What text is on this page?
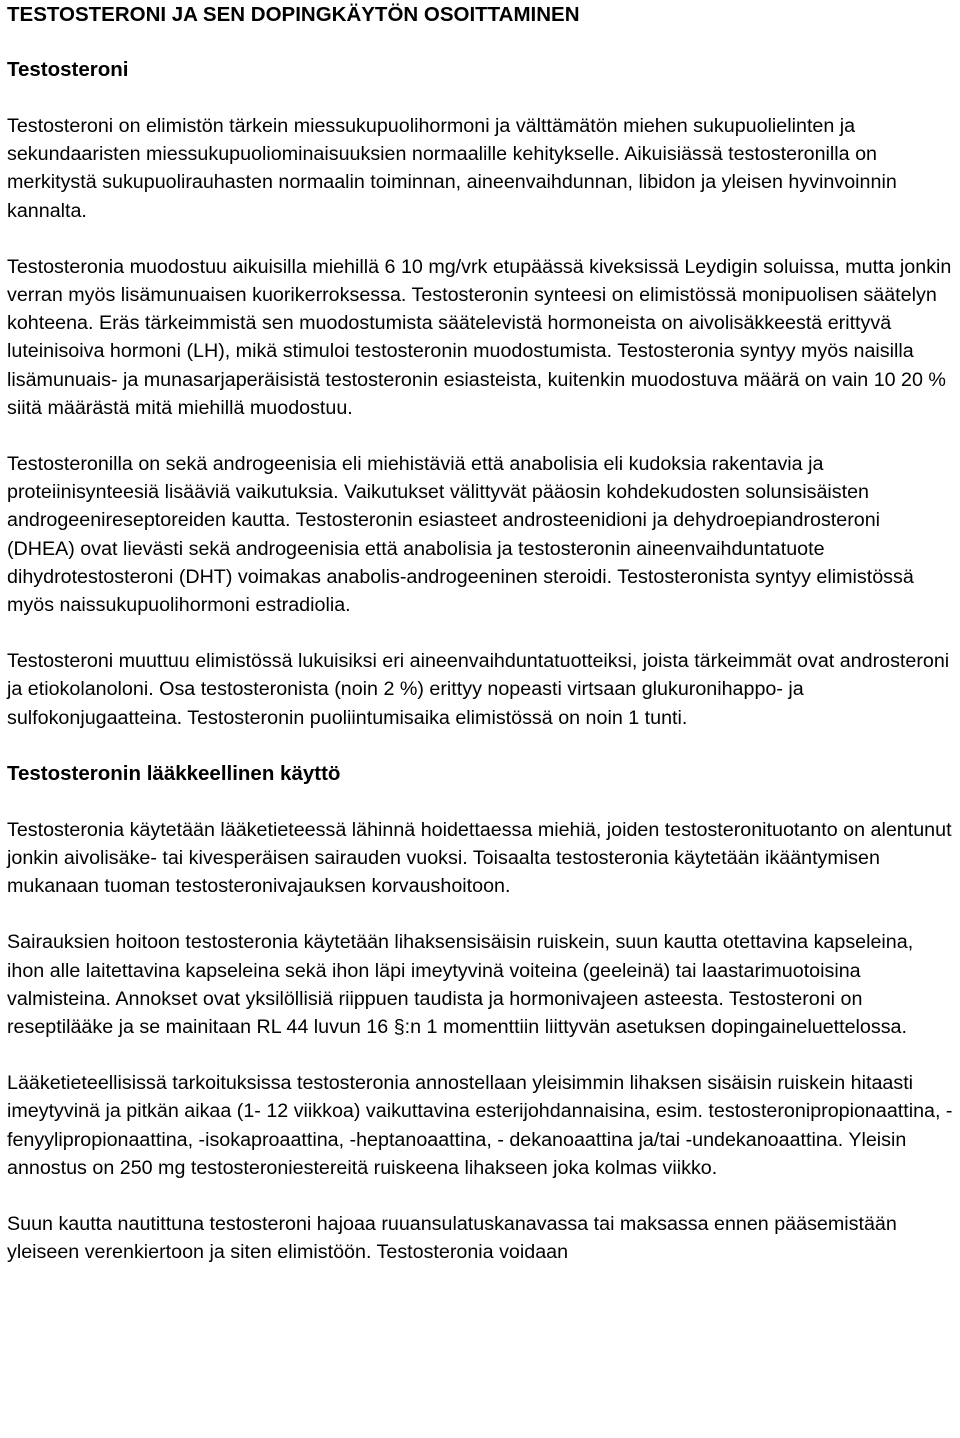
TESTOSTERONI JA SEN DOPINGKÄYTÖN OSOITTAMINEN
Testosteroni

Testosteroni on elimistön tärkein miessukupuolihormoni ja välttämätön miehen sukupuolielinten ja sekundaaristen miessukupuoliominaisuuksien normaalille kehitykselle. Aikuisiässä testosteronilla on merkitystä sukupuolirauhasten normaalin toiminnan, aineenvaihdunnan, libidon ja yleisen hyvinvoinnin kannalta.

Testosteronia muodostuu aikuisilla miehillä 6 10 mg/vrk etupäässä kiveksissä Leydigin soluissa, mutta jonkin verran myös lisämunuaisen kuorikerroksessa. Testosteronin synteesi on elimistössä monipuolisen säätelyn kohteena. Eräs tärkeimmistä sen muodostumista säätelevistä hormoneista on aivolisäkkeestä erittyvä luteinisoiva hormoni (LH), mikä stimuloi testosteronin muodostumista. Testosteronia syntyy myös naisilla lisämunuais- ja munasarjaperäisistä testosteronin esiasteista, kuitenkin muodostuva määrä on vain 10 20 % siitä määrästä mitä miehillä muodostuu.

Testosteronilla on sekä androgeenisia eli miehistäviä että anabolisia eli kudoksia rakentavia ja proteiinisynteesiä lisääviä vaikutuksia. Vaikutukset välittyvät pääosin kohdekudosten solunsisäisten androgeenireseptoreiden kautta. Testosteronin esiasteet androsteenidioni ja dehydroepiandrosteroni (DHEA) ovat lievästi sekä androgeenisia että anabolisia ja testosteronin aineenvaihduntatuote dihydrotestosteroni (DHT) voimakas anabolis-androgeeninen steroidi. Testosteronista syntyy elimistössä myös naissukupuolihormoni estradiolia.

Testosteroni muuttuu elimistössä lukuisiksi eri aineenvaihduntatuotteiksi, joista tärkeimmät ovat androsteroni ja etiokolanoloni. Osa testosteronista (noin 2 %) erittyy nopeasti virtsaan glukuronihappo- ja sulfokonjugaatteina. Testosteronin puoliintumisaika elimistössä on noin 1 tunti.

Testosteronin lääkkeellinen käyttö

Testosteronia käytetään lääketieteessä lähinnä hoidettaessa miehiä, joiden testosteronituotanto on alentunut jonkin aivolisäke- tai kivesperäisen sairauden vuoksi. Toisaalta testosteronia käytetään ikääntymisen mukanaan tuoman testosteronivajauksen korvaushoitoon.

Sairauksien hoitoon testosteronia käytetään lihaksensisäisin ruiskein, suun kautta otettavina kapseleina, ihon alle laitettavina kapseleina sekä ihon läpi imeytyvinä voiteina (geeleinä) tai laastarimuotoisina valmisteina. Annokset ovat yksilöllisiä riippuen taudista ja hormonivajeen asteesta. Testosteroni on reseptilääke ja se mainitaan RL 44 luvun 16 §:n 1 momenttiin liittyvän asetuksen dopingaineluettelossa.

Lääketieteellisissä tarkoituksissa testosteronia annostellaan yleisimmin lihaksen sisäisin ruiskein hitaasti imeytyvinä ja pitkän aikaa (1- 12 viikkoa) vaikuttavina esterijohdannaisina, esim. testosteronipropionaattina, -fenyylipropionaattina, -isokaproaattina, -heptanoaattina, - dekanoaattina ja/tai -undekanoaattina. Yleisin annostus on 250 mg testosteroniestereitä ruiskeena lihakseen joka kolmas viikko.

Suun kautta nautittuna testosteroni hajoaa ruuansulatuskanavassa tai maksassa ennen pääsemistään yleiseen verenkiertoon ja siten elimistöön. Testosteronia voidaan
